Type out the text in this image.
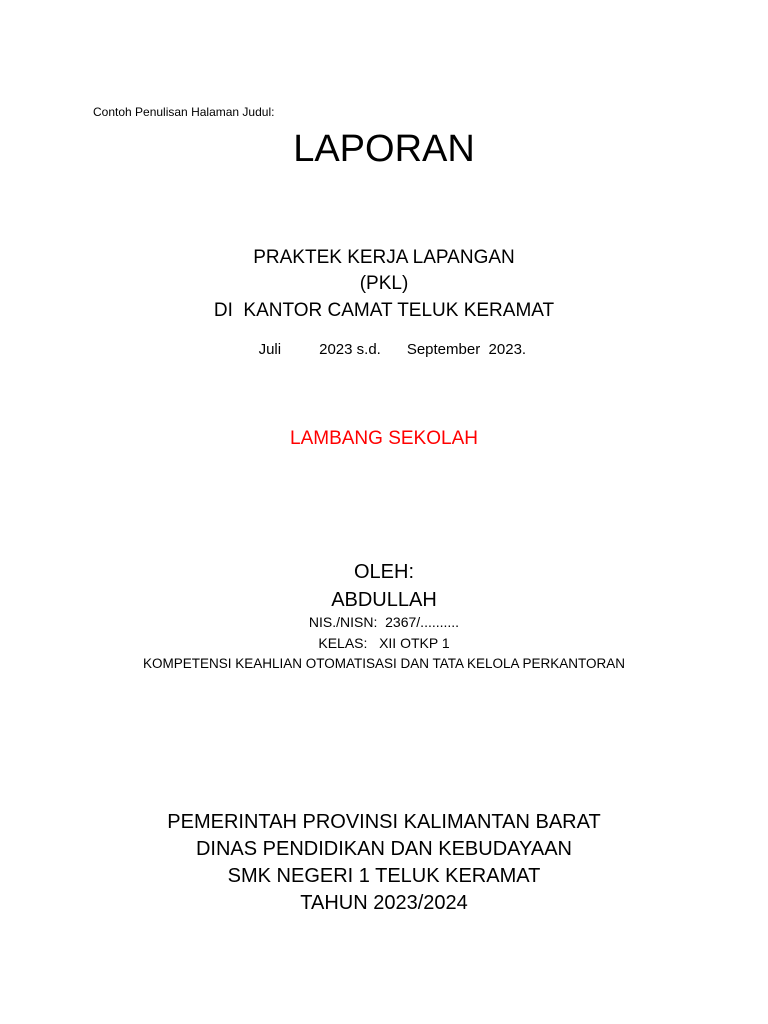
Contoh Penulisan Halaman Judul:
LAPORAN
PRAKTEK KERJA LAPANGAN
(PKL)
DI  KANTOR CAMAT TELUK KERAMAT

Juli	2023 s.d. September  2023.

LAMBANG SEKOLAH
OLEH:
ABDULLAH
NIS./NISN:  2367/..........
KELAS:   XII OTKP 1
KOMPETENSI KEAHLIAN OTOMATISASI DAN TATA KELOLA PERKANTORAN
PEMERINTAH PROVINSI KALIMANTAN BARAT
DINAS PENDIDIKAN DAN KEBUDAYAAN
SMK NEGERI 1 TELUK KERAMAT
TAHUN 2023/2024
